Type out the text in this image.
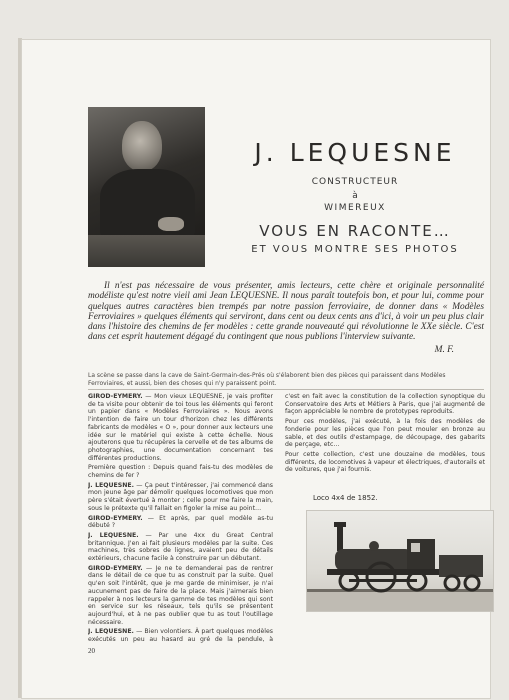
J. LEQUESNE
CONSTRUCTEUR
à
WIMEREUX
VOUS EN RACONTE…
ET VOUS MONTRE SES PHOTOS
Il n'est pas nécessaire de vous présenter, amis lecteurs, cette chère et originale personnalité modéliste qu'est notre vieil ami Jean LEQUESNE. Il nous paraît toutefois bon, et pour lui, comme pour quelques autres caractères bien trempés par notre passion ferroviaire, de donner dans « Modèles Ferroviaires » quelques éléments qui serviront, dans cent ou deux cents ans d'ici, à voir un peu plus clair dans l'histoire des chemins de fer modèles : cette grande nouveauté qui révolutionne le XXe siècle. C'est dans cet esprit hautement dégagé du contingent que nous publions l'interview suivante.
M. F.
La scène se passe dans la cave de Saint-Germain-des-Prés où s'élaborent bien des pièces qui paraissent dans Modèles Ferroviaires, et aussi, bien des choses qui n'y paraissent point.

GIROD-EYMERY. — Mon vieux LEQUESNE, je vais profiter de ta visite pour obtenir de toi tous les éléments qui feront un papier dans « Modèles Ferroviaires ». Nous avons l'intention de faire un tour d'horizon chez les différents fabricants de modèles « O », pour donner aux lecteurs une idée sur le matériel qui existe à cette échelle. Nous ajouterons que tu récupères la cervelle et de tes albums de photographies, une documentation concernant tes différentes productions.

Première question : Depuis quand fais-tu des modèles de chemins de fer ?

J. LEQUESNE. — Ça peut t'intéresser, j'ai commencé dans mon jeune âge par démolir quelques locomotives que mon père s'était évertué à monter ; celle pour me faire la main, sous le prétexte qu'il fallait en figoler la mise au point…

GIROD-EYMERY. — Et après, par quel modèle as-tu débuté ?

J. LEQUESNE. — Par une 4xx du Great Central britannique. J'en ai fait plusieurs modèles par la suite. Ces machines, très sobres de lignes, avaient peu de détails extérieurs, chacune facile à construire par un débutant.

GIROD-EYMERY. — Je ne te demanderai pas de rentrer dans le détail de ce que tu as construit par la suite. Quel qu'en soit l'intérêt, que je me garde de minimiser, je n'ai aucunement pas de faire de la place. Mais j'aimerais bien rappeler à nos lecteurs la gamme de tes modèles qui sont en service sur les réseaux, tels qu'ils se présentent aujourd'hui, et à ne pas oublier que tu as tout l'outillage nécessaire.

J. LEQUESNE. — Bien volontiers. À part quelques modèles exécutés un peu au hasard au gré de la pendule, à

c'est en fait avec la constitution de la collection synoptique du Conservatoire des Arts et Métiers à Paris, que j'ai augmenté de façon appréciable le nombre de prototypes reproduits.

Pour ces modèles, j'ai exécuté, à la fois des modèles de fonderie pour les pièces que l'on peut mouler en bronze au sable, et des outils d'estampage, de découpage, des gabarits de perçage, etc…

Pour cette collection, c'est une douzaine de modèles, tous différents, de locomotives à vapeur et électriques, d'autorails et de voitures, que j'ai fournis.

Loco 4x4 de 1852.
20
